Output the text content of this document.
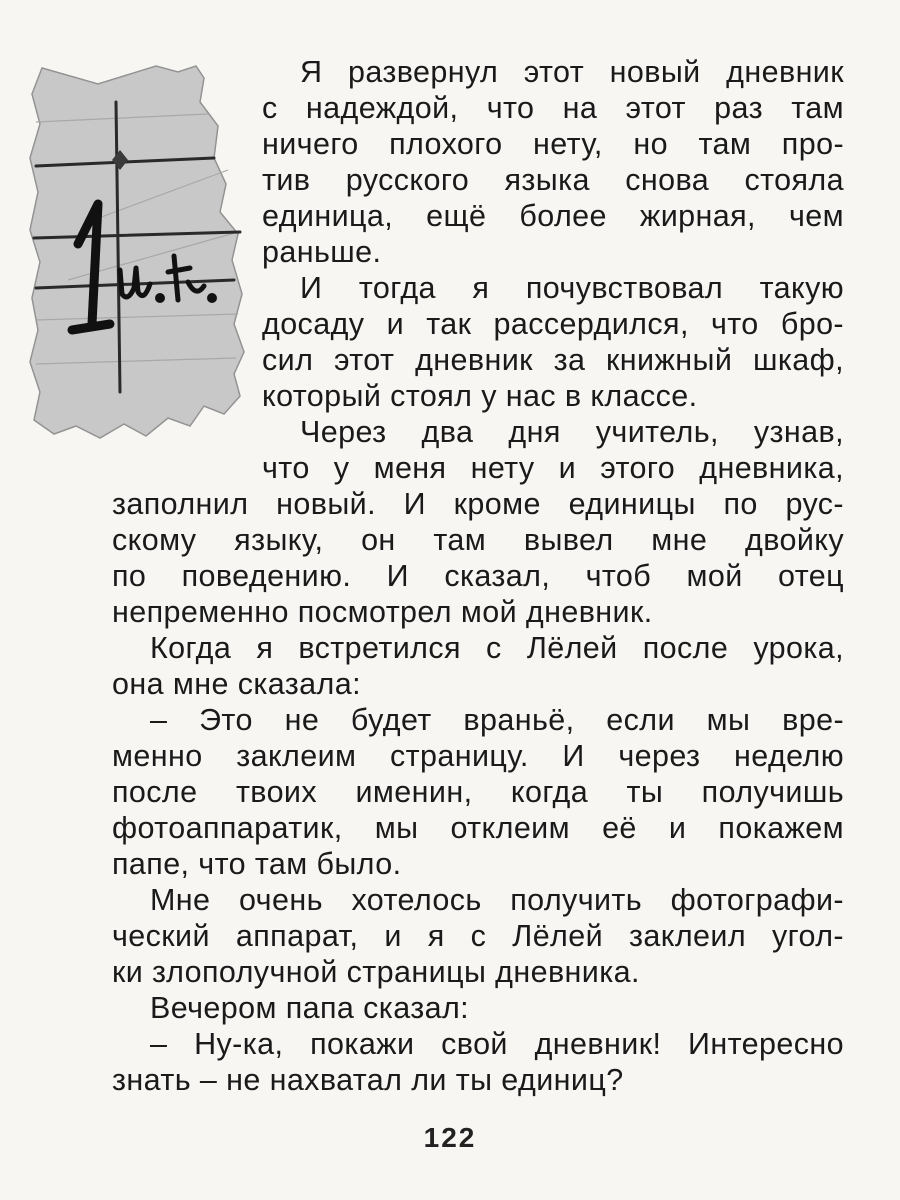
Я развернул этот новый дневник
с надеждой, что на этот раз там
ничего плохого нету, но там про-
тив русского языка снова стояла
единица, ещё более жирная, чем
раньше.
И тогда я почувствовал такую
досаду и так рассердился, что бро-
сил этот дневник за книжный шкаф,
который стоял у нас в классе.
Через два дня учитель, узнав,
что у меня нету и этого дневника,
заполнил новый. И кроме единицы по рус-
скому языку, он там вывел мне двойку
по поведению. И сказал, чтоб мой отец
непременно посмотрел мой дневник.
Когда я встретился с Лёлей после урока,
она мне сказала:
– Это не будет враньё, если мы вре-
менно заклеим страницу. И через неделю
после твоих именин, когда ты получишь
фотоаппаратик, мы отклеим её и покажем
папе, что там было.
Мне очень хотелось получить фотографи-
ческий аппарат, и я с Лёлей заклеил угол-
ки злополучной страницы дневника.
Вечером папа сказал:
– Ну-ка, покажи свой дневник! Интересно
знать – не нахватал ли ты единиц?
122
